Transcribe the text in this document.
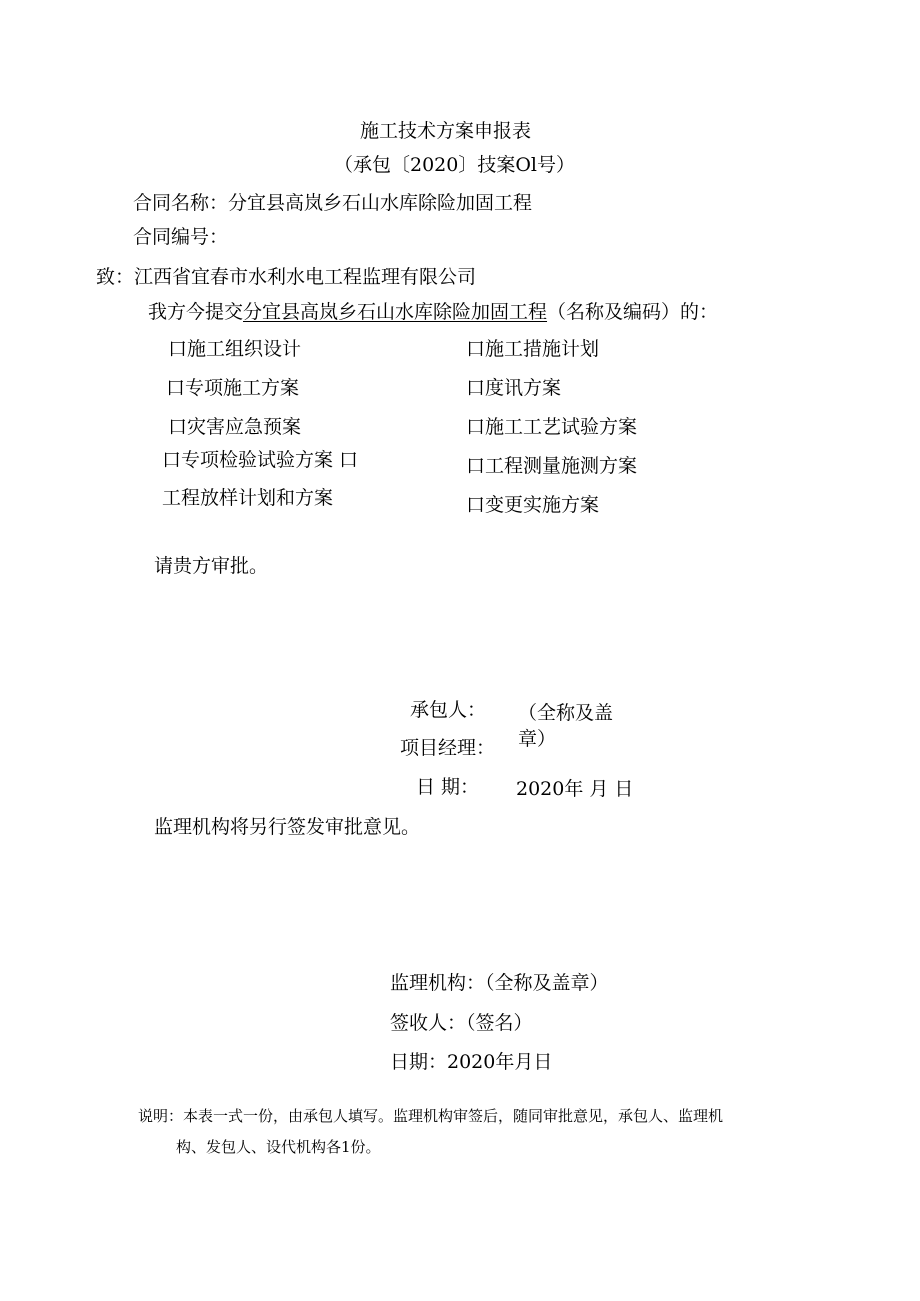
施工技术方案申报表
（承包〔2020〕技案Ol号）
合同名称：分宜县高岚乡石山水库除险加固工程
合同编号：
致：江西省宜春市水利水电工程监理有限公司
我方今提交分宜县高岚乡石山水库除险加固工程（名称及编码）的：
口施工组织设计
口专项施工方案
口灾害应急预案
口专项检验试验方案 口
工程放样计划和方案
口施工措施计划
口度讯方案
口施工工艺试验方案
口工程测量施测方案
口变更实施方案
请贵方审批。
承包人： （全称及盖
章）
项目经理：
日 期： 2020年 月 日
监理机构将另行签发审批意见。
监理机构：（全称及盖章）
签收人：（签名）
日期：2020年月日
说明：本表一式一份，由承包人填写。监理机构审签后，随同审批意见，承包人、监理机
构、发包人、设代机构各1份。
